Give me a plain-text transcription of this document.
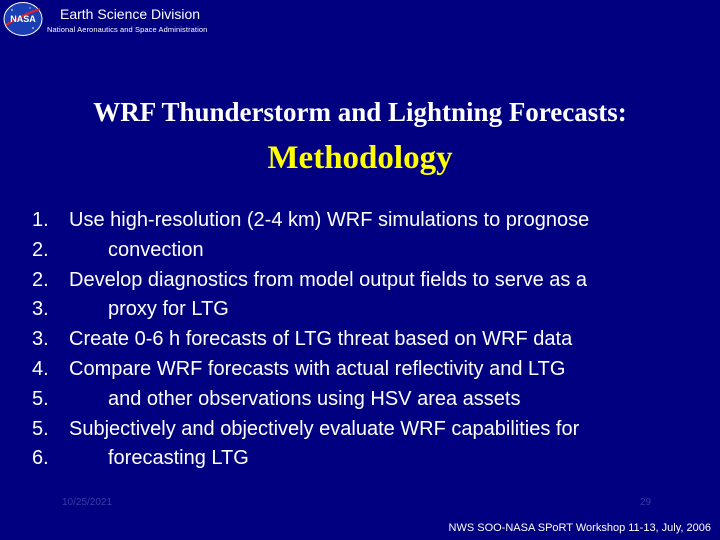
NASA Earth Science Division
National Aeronautics and Space Administration
WRF Thunderstorm and Lightning Forecasts:
Methodology
1. Use high-resolution (2-4 km) WRF simulations to prognose
2.	convection
2. Develop diagnostics from model output fields to serve as a
3.	proxy for LTG
3. Create 0-6 h forecasts of LTG threat based on WRF data
4. Compare WRF forecasts with actual reflectivity and LTG
5.	and other observations using HSV area assets
5. Subjectively and objectively evaluate WRF capabilities for
6.	forecasting LTG
10/25/2021	29
NWS SOO-NASA SPoRT Workshop 11-13, July, 2006
